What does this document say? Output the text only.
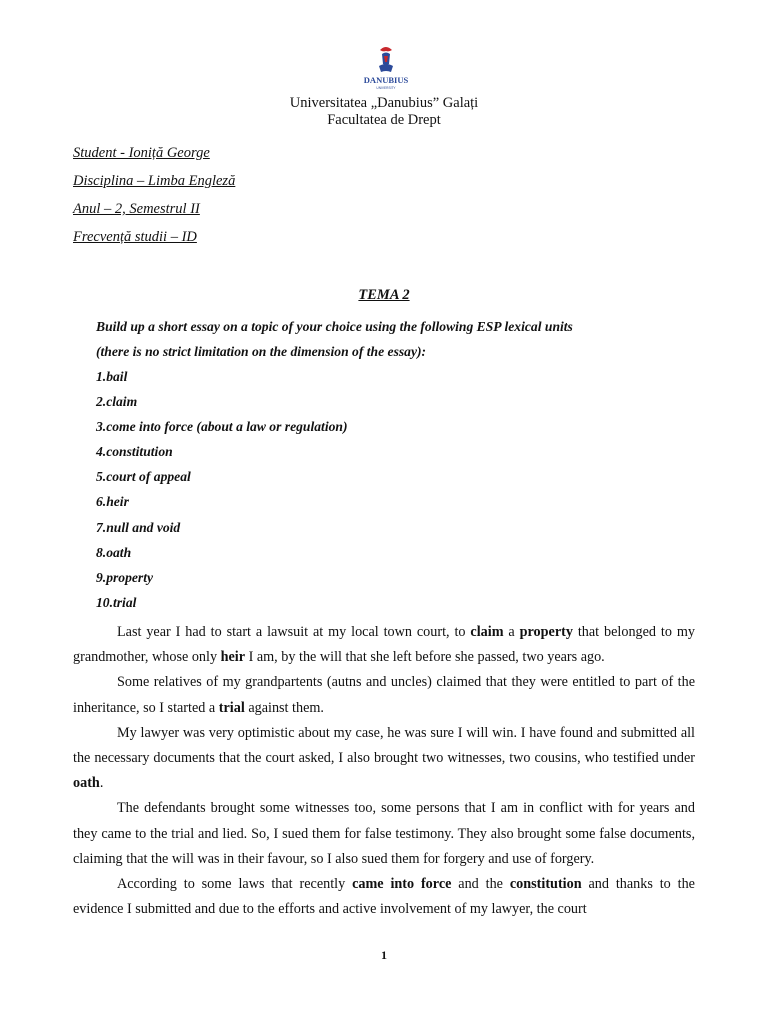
DANUBIUS
UNIVERSITY
Universitatea „Danubius” Galați
Facultatea de Drept
Student - Ioniță George
Disciplina – Limba Engleză
Anul – 2, Semestrul II
Frecvență studii – ID
TEMA 2
Build up a short essay on a topic of your choice using the following ESP lexical units
(there is no strict limitation on the dimension of the essay):
1.bail
2.claim
3.come into force (about a law or regulation)
4.constitution
5.court of appeal
6.heir
7.null and void
8.oath
9.property
10.trial

Last year I had to start a lawsuit at my local town court, to claim a property that belonged to my grandmother, whose only heir I am, by the will that she left before she passed, two years ago.

Some relatives of my grandpartents (autns and uncles) claimed that they were entitled to part of the inheritance, so I started a trial against them.

My lawyer was very optimistic about my case, he was sure I will win. I have found and submitted all the necessary documents that the court asked, I also brought two witnesses, two cousins, who testified under oath.

The defendants brought some witnesses too, some persons that I am in conflict with for years and they came to the trial and lied. So, I sued them for false testimony. They also brought some false documents, claiming that the will was in their favour, so I also sued them for forgery and use of forgery.

According to some laws that recently came into force and the constitution and thanks to the evidence I submitted and due to the efforts and active involvement of my lawyer, the court

1
